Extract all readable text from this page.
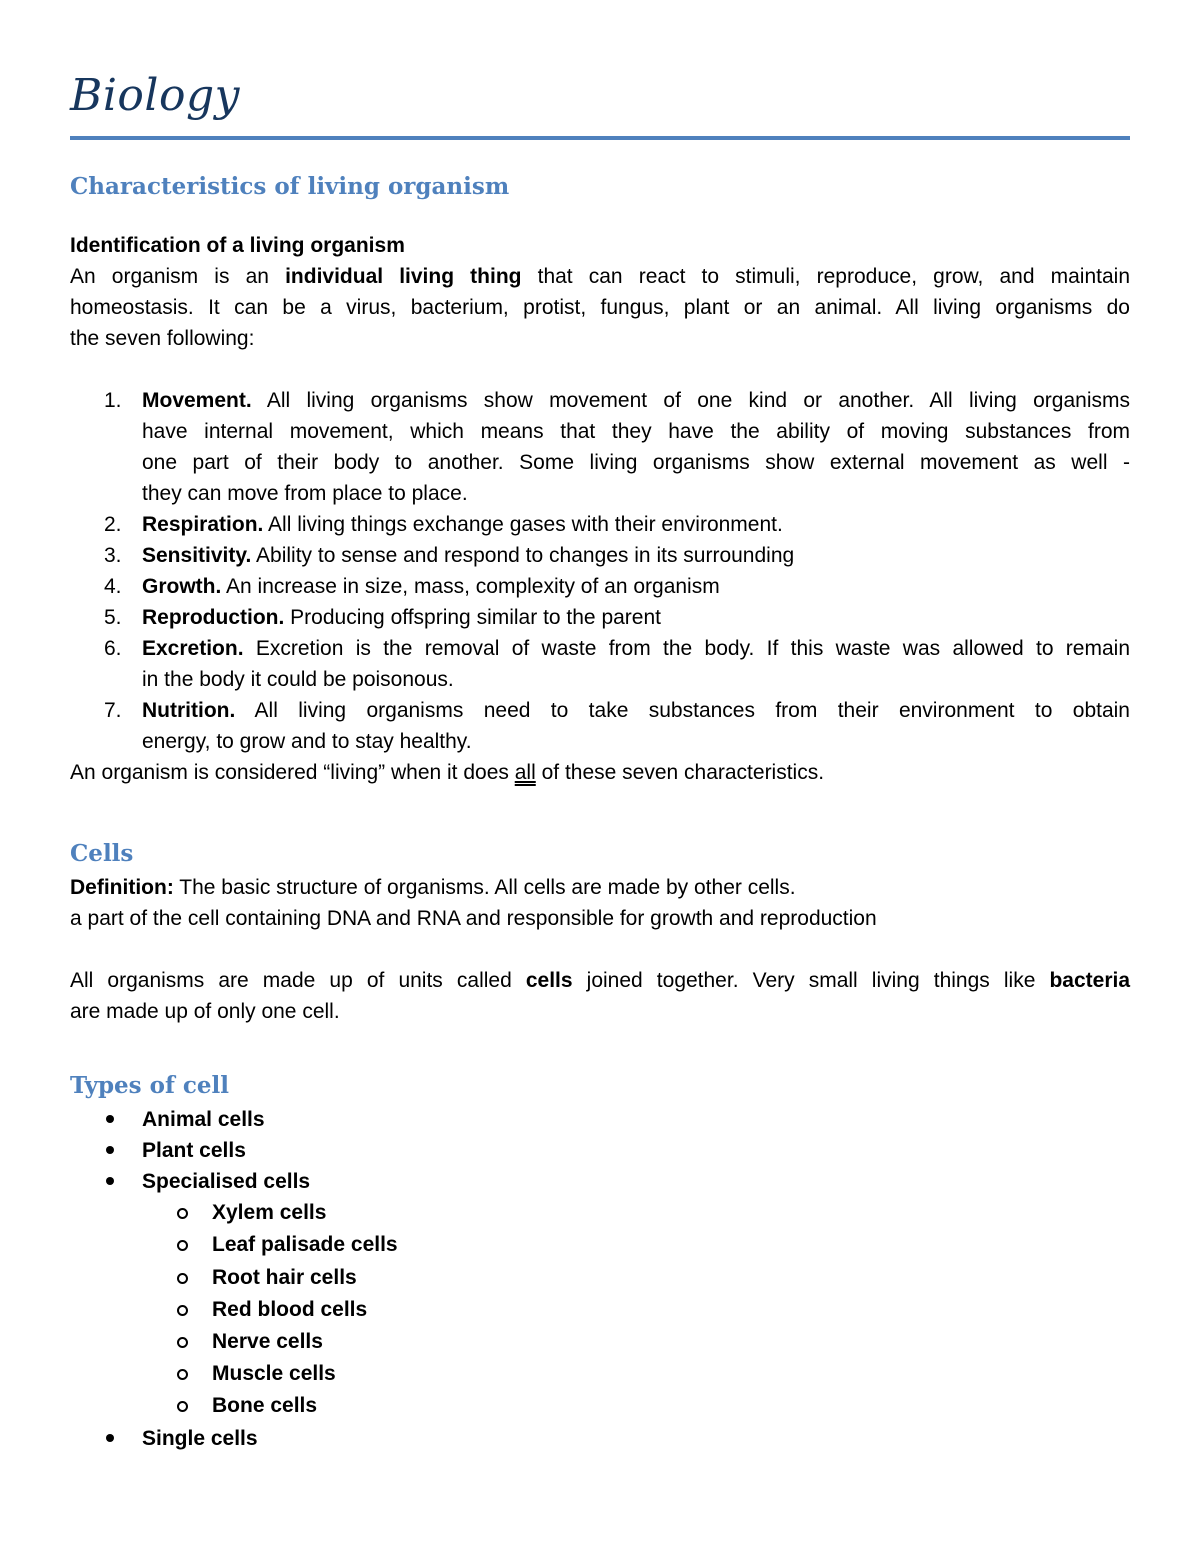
Biology
Characteristics of living organism
Identification of a living organism
An organism is an individual living thing that can react to stimuli, reproduce, grow, and maintain
homeostasis. It can be a virus, bacterium, protist, fungus, plant or an animal. All living organisms do
the seven following:
1. Movement. All living organisms show movement of one kind or another. All living organisms
have internal movement, which means that they have the ability of moving substances from
one part of their body to another. Some living organisms show external movement as well -
they can move from place to place.
2. Respiration. All living things exchange gases with their environment.
3. Sensitivity. Ability to sense and respond to changes in its surrounding
4. Growth. An increase in size, mass, complexity of an organism
5. Reproduction. Producing offspring similar to the parent
6. Excretion. Excretion is the removal of waste from the body. If this waste was allowed to remain
in the body it could be poisonous.
7. Nutrition. All living organisms need to take substances from their environment to obtain
energy, to grow and to stay healthy.
An organism is considered “living” when it does all of these seven characteristics.
Cells
Definition: The basic structure of organisms. All cells are made by other cells.
a part of the cell containing DNA and RNA and responsible for growth and reproduction
All organisms are made up of units called cells joined together. Very small living things like bacteria
are made up of only one cell.
Types of cell
Animal cells
Plant cells
Specialised cells
Xylem cells
Leaf palisade cells
Root hair cells
Red blood cells
Nerve cells
Muscle cells
Bone cells
Single cells
